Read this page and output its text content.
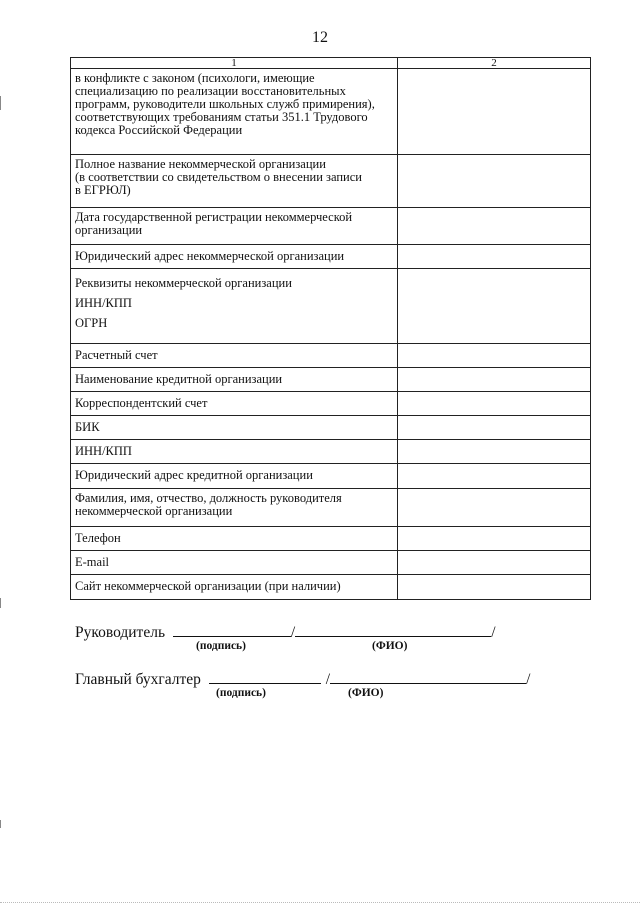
12
1	2

в конфликте с законом (психологи, имеющие
специализацию по реализации восстановительных
программ, руководители школьных служб примирения),
соответствующих требованиям статьи 351.1 Трудового
кодекса Российской Федерации	

Полное название некоммерческой организации
(в соответствии со свидетельством о внесении записи
в ЕГРЮЛ)	

Дата государственной регистрации некоммерческой
организации	

Юридический адрес некоммерческой организации	

Реквизиты некоммерческой организации
ИНН/КПП
ОГРН	

Расчетный счет	

Наименование кредитной организации	

Корреспондентский счет	

БИК	

ИНН/КПП	

Юридический адрес кредитной организации	

Фамилия, имя, отчество, должность руководителя
некоммерческой организации	

Телефон	

E-mail	

Сайт некоммерческой организации (при наличии)	

Руководитель	/	/
(подпись)	(ФИО)
Главный бухгалтер	/	/
(подпись)	(ФИО)
